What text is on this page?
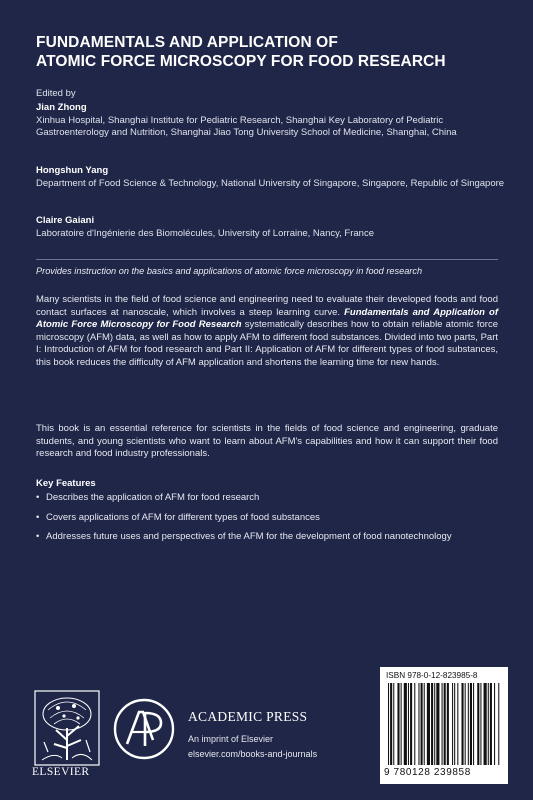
FUNDAMENTALS AND APPLICATION OF
ATOMIC FORCE MICROSCOPY FOR FOOD RESEARCH
Edited by
Jian Zhong
Xinhua Hospital, Shanghai Institute for Pediatric Research, Shanghai Key Laboratory of Pediatric Gastroenterology and Nutrition, Shanghai Jiao Tong University School of Medicine, Shanghai, China
Hongshun Yang
Department of Food Science & Technology, National University of Singapore, Singapore, Republic of Singapore
Claire Gaiani
Laboratoire d'Ingénierie des Biomolécules, University of Lorraine, Nancy, France
Provides instruction on the basics and applications of atomic force microscopy in food research
Many scientists in the field of food science and engineering need to evaluate their developed foods and food contact surfaces at nanoscale, which involves a steep learning curve. Fundamentals and Application of Atomic Force Microscopy for Food Research systematically describes how to obtain reliable atomic force microscopy (AFM) data, as well as how to apply AFM to different food substances. Divided into two parts, Part I: Introduction of AFM for food research and Part II: Application of AFM for different types of food substances, this book reduces the difficulty of AFM application and shortens the learning time for new hands.
This book is an essential reference for scientists in the fields of food science and engineering, graduate students, and young scientists who want to learn about AFM's capabilities and how it can support their food research and food industry professionals.
Key Features
• Describes the application of AFM for food research
• Covers applications of AFM for different types of food substances
• Addresses future uses and perspectives of the AFM for the development of food nanotechnology
ELSEVIER
ACADEMIC PRESS
An imprint of Elsevier
elsevier.com/books-and-journals
ISBN 978-0-12-823985-8
9 780128 239858
